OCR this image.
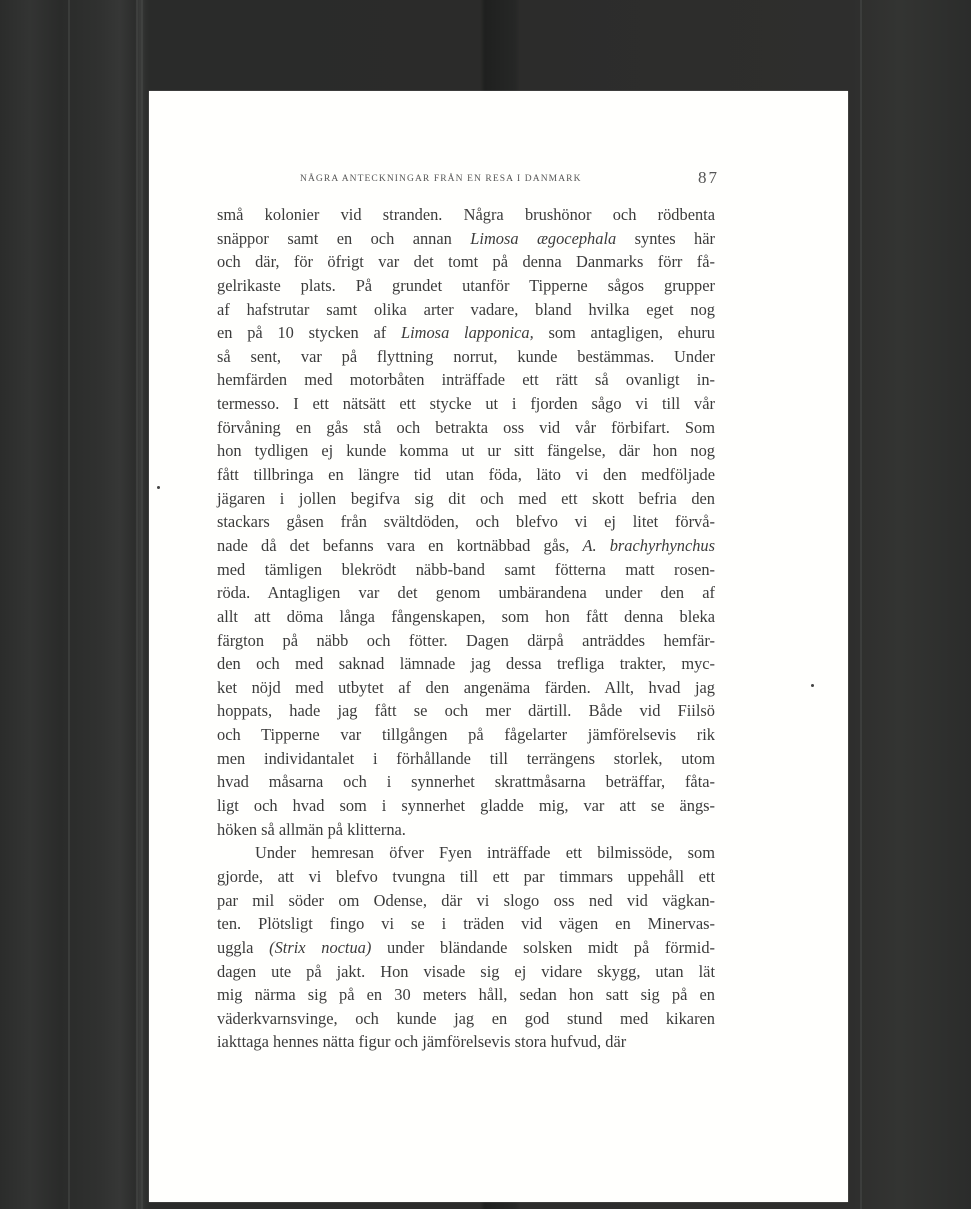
NÅGRA ANTECKNINGAR FRÅN EN RESA I DANMARK	87
små kolonier vid stranden. Några brushönor och rödbenta
snäppor samt en och annan Limosa ægocephala syntes här
och där, för öfrigt var det tomt på denna Danmarks förr få-
gelrikaste plats. På grundet utanför Tipperne sågos grupper
af hafstrutar samt olika arter vadare, bland hvilka eget nog
en på 10 stycken af Limosa lapponica, som antagligen, ehuru
så sent, var på flyttning norrut, kunde bestämmas. Under
hemfärden med motorbåten inträffade ett rätt så ovanligt in-
termesso. I ett nätsätt ett stycke ut i fjorden sågo vi till vår
förvåning en gås stå och betrakta oss vid vår förbifart. Som
hon tydligen ej kunde komma ut ur sitt fängelse, där hon nog
fått tillbringa en längre tid utan föda, läto vi den medföljade
jägaren i jollen begifva sig dit och med ett skott befria den
stackars gåsen från svältdöden, och blefvo vi ej litet förvå-
nade då det befanns vara en kortnäbbad gås, A. brachyrhynchus
med tämligen blekrödt näbb-band samt fötterna matt rosen-
röda. Antagligen var det genom umbärandena under den af
allt att döma långa fångenskapen, som hon fått denna bleka
färgton på näbb och fötter. Dagen därpå anträddes hemfär-
den och med saknad lämnade jag dessa trefliga trakter, myc-
ket nöjd med utbytet af den angenäma färden. Allt, hvad jag
hoppats, hade jag fått se och mer därtill. Både vid Fiilsö
och Tipperne var tillgången på fågelarter jämförelsevis rik
men individantalet i förhållande till terrängens storlek, utom
hvad måsarna och i synnerhet skrattmåsarna beträffar, fåta-
ligt och hvad som i synnerhet gladde mig, var att se ängs-
höken så allmän på klitterna.
Under hemresan öfver Fyen inträffade ett bilmissöde, som
gjorde, att vi blefvo tvungna till ett par timmars uppehåll ett
par mil söder om Odense, där vi slogo oss ned vid vägkan-
ten. Plötsligt fingo vi se i träden vid vägen en Minervas-
uggla (Strix noctua) under bländande solsken midt på förmid-
dagen ute på jakt. Hon visade sig ej vidare skygg, utan lät
mig närma sig på en 30 meters håll, sedan hon satt sig på en
väderkvarnsvinge, och kunde jag en god stund med kikaren
iakttaga hennes nätta figur och jämförelsevis stora hufvud, där
